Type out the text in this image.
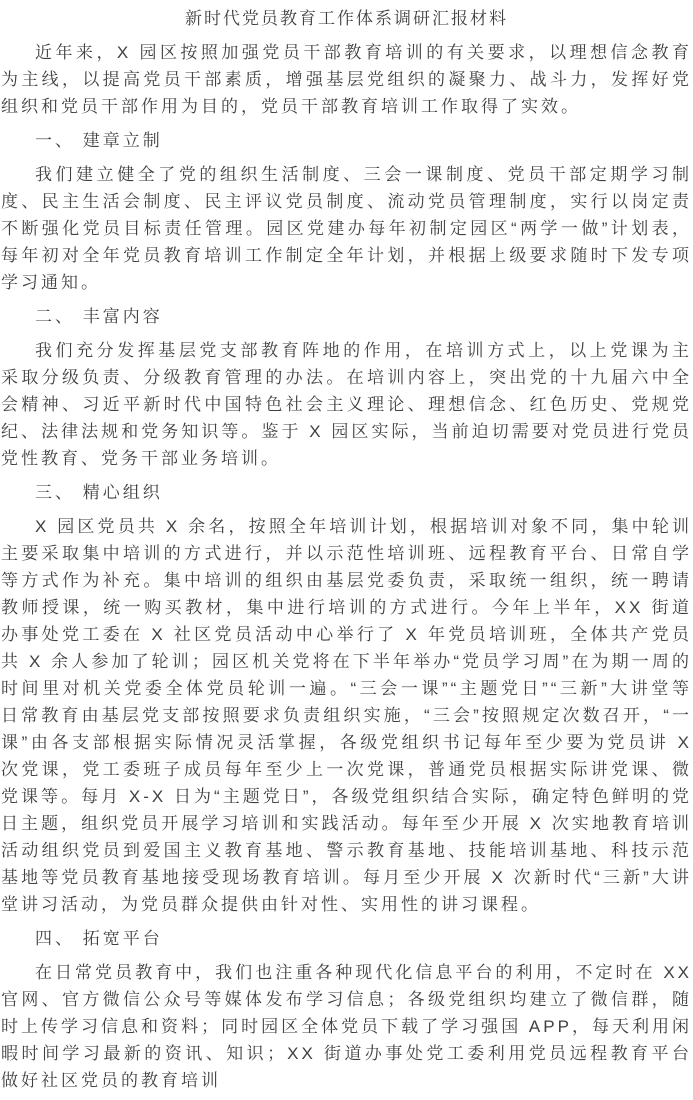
新时代党员教育工作体系调研汇报材料

近年来，X 园区按照加强党员干部教育培训的有关要求，以理想信念教育为主线，以提高党员干部素质，增强基层党组织的凝聚力、战斗力，发挥好党组织和党员干部作用为目的，党员干部教育培训工作取得了实效。

一、 建章立制

我们建立健全了党的组织生活制度、三会一课制度、党员干部定期学习制度、民主生活会制度、民主评议党员制度、流动党员管理制度，实行以岗定责不断强化党员目标责任管理。园区党建办每年初制定园区“两学一做”计划表，每年初对全年党员教育培训工作制定全年计划，并根据上级要求随时下发专项学习通知。

二、 丰富内容

我们充分发挥基层党支部教育阵地的作用，在培训方式上，以上党课为主采取分级负责、分级教育管理的办法。在培训内容上，突出党的十九届六中全会精神、习近平新时代中国特色社会主义理论、理想信念、红色历史、党规党纪、法律法规和党务知识等。鉴于 X 园区实际，当前迫切需要对党员进行党员党性教育、党务干部业务培训。

三、 精心组织

X 园区党员共 X 余名，按照全年培训计划，根据培训对象不同，集中轮训主要采取集中培训的方式进行，并以示范性培训班、远程教育平台、日常自学等方式作为补充。集中培训的组织由基层党委负责，采取统一组织，统一聘请教师授课，统一购买教材，集中进行培训的方式进行。今年上半年，XX 街道办事处党工委在 X 社区党员活动中心举行了 X 年党员培训班，全体共产党员共 X 余人参加了轮训；园区机关党将在下半年举办“党员学习周”在为期一周的时间里对机关党委全体党员轮训一遍。“三会一课”“主题党日”“三新”大讲堂等日常教育由基层党支部按照要求负责组织实施，“三会”按照规定次数召开，“一课”由各支部根据实际情况灵活掌握，各级党组织书记每年至少要为党员讲 X 次党课，党工委班子成员每年至少上一次党课，普通党员根据实际讲党课、微党课等。每月 X-X 日为“主题党日”，各级党组织结合实际，确定特色鲜明的党日主题，组织党员开展学习培训和实践活动。每年至少开展 X 次实地教育培训活动组织党员到爱国主义教育基地、警示教育基地、技能培训基地、科技示范基地等党员教育基地接受现场教育培训。每月至少开展 X 次新时代“三新”大讲堂讲习活动，为党员群众提供由针对性、实用性的讲习课程。

四、 拓宽平台

在日常党员教育中，我们也注重各种现代化信息平台的利用，不定时在 XX 官网、官方微信公众号等媒体发布学习信息；各级党组织均建立了微信群，随时上传学习信息和资料；同时园区全体党员下载了学习强国 APP，每天利用闲暇时间学习最新的资讯、知识；XX 街道办事处党工委利用党员远程教育平台做好社区党员的教育培训
